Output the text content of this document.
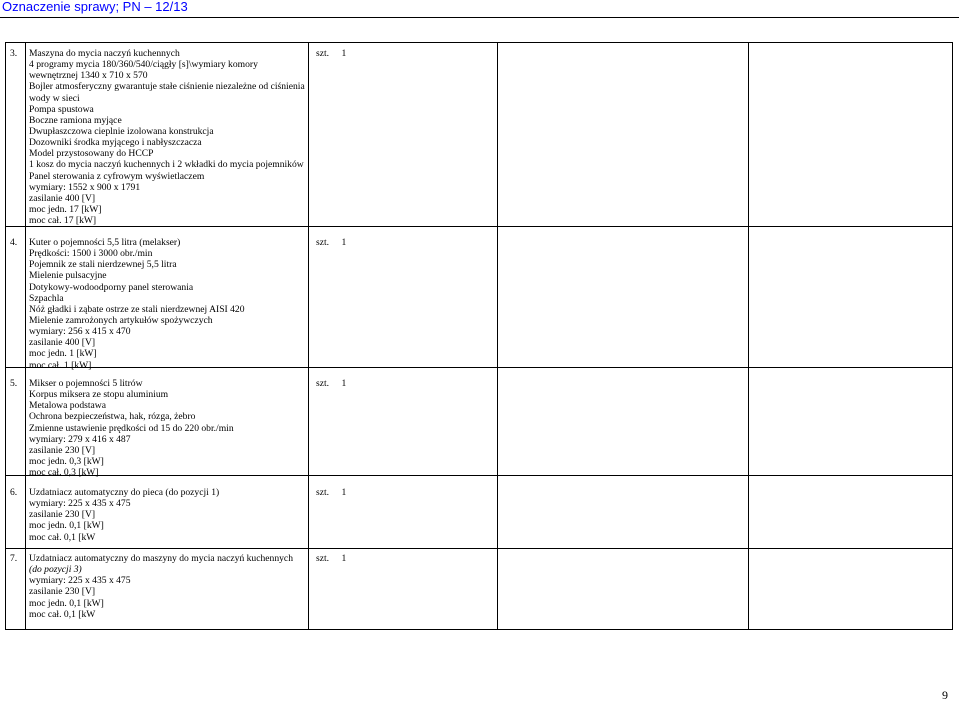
Oznaczenie sprawy; PN – 12/13
3. Maszyna do mycia naczyń kuchennych
4 programy mycia 180/360/540/ciągły [s]\wymiary komory
wewnętrznej 1340 x 710 x 570
Bojler atmosferyczny gwarantuje stałe ciśnienie niezależne od ciśnienia
wody w sieci
Pompa spustowa
Boczne ramiona myjące
Dwupłaszczowa cieplnie izolowana konstrukcja
Dozowniki środka myjącego i nabłyszczacza
Model przystosowany do HCCP
1 kosz do mycia naczyń kuchennych i 2 wkładki do mycia pojemników
Panel sterowania z cyfrowym wyświetlaczem
wymiary: 1552 x 900 x 1791
zasilanie 400 [V]
moc jedn. 17 [kW]
moc cał. 17 [kW]
szt. 1
4. Kuter o pojemności 5,5 litra (melakser)
Prędkości: 1500 i 3000 obr./min
Pojemnik ze stali nierdzewnej 5,5 litra
Mielenie pulsacyjne
Dotykowy-wodoodporny panel sterowania
Szpachla
Nóż gładki i ząbate ostrze ze stali nierdzewnej AISI 420
Mielenie zamrożonych artykułów spożywczych
wymiary: 256 x 415 x 470
zasilanie 400 [V]
moc jedn. 1 [kW]
moc cał. 1 [kW]
szt. 1
5. Mikser o pojemności 5 litrów
Korpus miksera ze stopu aluminium
Metalowa podstawa
Ochrona bezpieczeństwa, hak, rózga, żebro
Zmienne ustawienie prędkości od 15 do 220 obr./min
wymiary: 279 x 416 x 487
zasilanie 230 [V]
moc jedn. 0,3 [kW]
moc cał. 0,3 [kW]
szt. 1
6. Uzdatniacz automatyczny do pieca (do pozycji 1)
wymiary: 225 x 435 x 475
zasilanie 230 [V]
moc jedn. 0,1 [kW]
moc cał. 0,1 [kW
szt. 1
7. Uzdatniacz automatyczny do maszyny do mycia naczyń kuchennych
(do pozycji 3)
wymiary: 225 x 435 x 475
zasilanie 230 [V]
moc jedn. 0,1 [kW]
moc cał. 0,1 [kW
szt. 1
9
